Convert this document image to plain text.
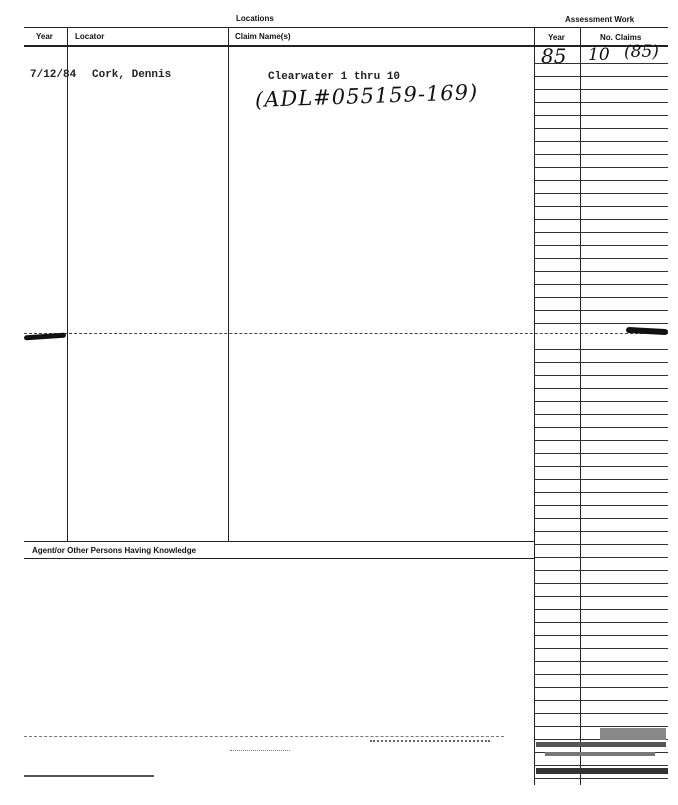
Locations	Assessment Work
Year	Locator	Claim Name(s)	Year	No. Claims
Agent/or Other Persons Having Knowledge
7/12/84 Cork, Dennis	Clearwater 1 thru 10
(ADL#055159-169)
85 10 (85)
